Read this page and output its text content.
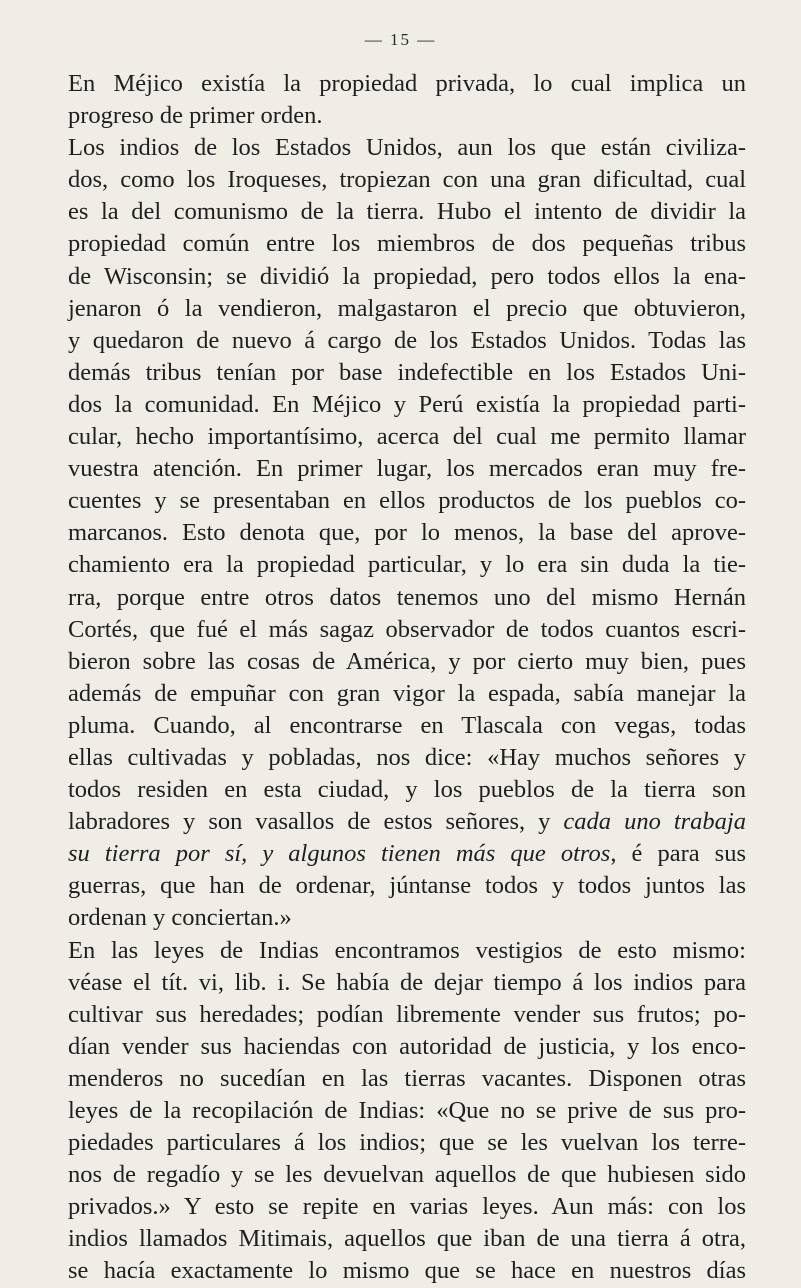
— 15 —
En Méjico existía la propiedad privada, lo cual implica un
progreso de primer orden.
Los indios de los Estados Unidos, aun los que están civiliza-
dos, como los Iroqueses, tropiezan con una gran dificultad, cual
es la del comunismo de la tierra. Hubo el intento de dividir la
propiedad común entre los miembros de dos pequeñas tribus
de Wisconsin; se dividió la propiedad, pero todos ellos la ena-
jenaron ó la vendieron, malgastaron el precio que obtuvieron,
y quedaron de nuevo á cargo de los Estados Unidos. Todas las
demás tribus tenían por base indefectible en los Estados Uni-
dos la comunidad. En Méjico y Perú existía la propiedad parti-
cular, hecho importantísimo, acerca del cual me permito llamar
vuestra atención. En primer lugar, los mercados eran muy fre-
cuentes y se presentaban en ellos productos de los pueblos co-
marcanos. Esto denota que, por lo menos, la base del aprove-
chamiento era la propiedad particular, y lo era sin duda la tie-
rra, porque entre otros datos tenemos uno del mismo Hernán
Cortés, que fué el más sagaz observador de todos cuantos escri-
bieron sobre las cosas de América, y por cierto muy bien, pues
además de empuñar con gran vigor la espada, sabía manejar la
pluma. Cuando, al encontrarse en Tlascala con vegas, todas
ellas cultivadas y pobladas, nos dice: «Hay muchos señores y
todos residen en esta ciudad, y los pueblos de la tierra son
labradores y son vasallos de estos señores, y cada uno trabaja
su tierra por sí, y algunos tienen más que otros, é para sus
guerras, que han de ordenar, júntanse todos y todos juntos las
ordenan y conciertan.»
En las leyes de Indias encontramos vestigios de esto mismo:
véase el tít. vi, lib. i. Se había de dejar tiempo á los indios para
cultivar sus heredades; podían libremente vender sus frutos; po-
dían vender sus haciendas con autoridad de justicia, y los enco-
menderos no sucedían en las tierras vacantes. Disponen otras
leyes de la recopilación de Indias: «Que no se prive de sus pro-
piedades particulares á los indios; que se les vuelvan los terre-
nos de regadío y se les devuelvan aquellos de que hubiesen sido
privados.» Y esto se repite en varias leyes. Aun más: con los
indios llamados Mitimais, aquellos que iban de una tierra á otra,
se hacía exactamente lo mismo que se hace en nuestros días
